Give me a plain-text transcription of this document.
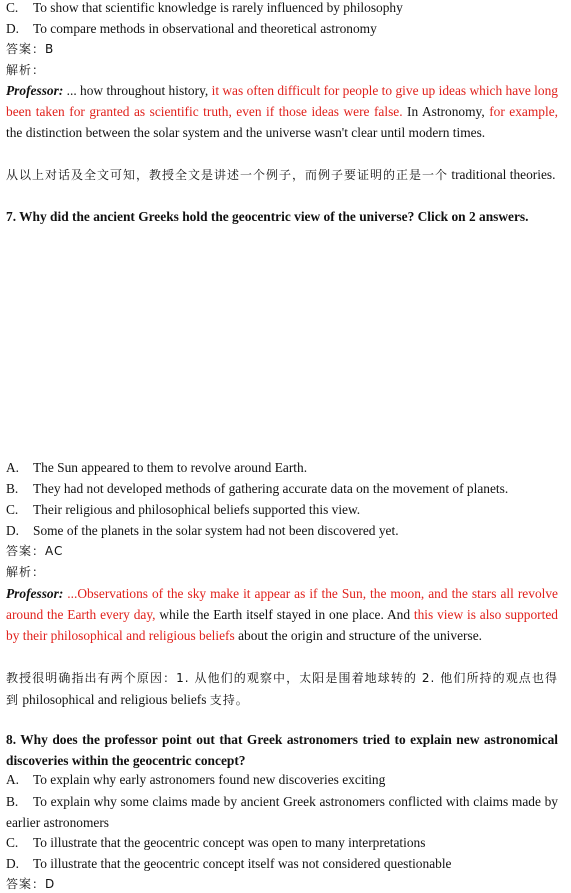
C. To show that scientific knowledge is rarely influenced by philosophy
D. To compare methods in observational and theoretical astronomy
答案：B
解析：
Professor: ... how throughout history, it was often difficult for people to give up ideas which have long been taken for granted as scientific truth, even if those ideas were false. In Astronomy, for example, the distinction between the solar system and the universe wasn't clear until modern times.
从以上对话及全文可知，教授全文是讲述一个例子，而例子要证明的正是一个 traditional theories.
7. Why did the ancient Greeks hold the geocentric view of the universe? Click on 2 answers.
A. The Sun appeared to them to revolve around Earth.
B. They had not developed methods of gathering accurate data on the movement of planets.
C. Their religious and philosophical beliefs supported this view.
D. Some of the planets in the solar system had not been discovered yet.
答案：AC
解析：
Professor: ...Observations of the sky make it appear as if the Sun, the moon, and the stars all revolve around the Earth every day, while the Earth itself stayed in one place. And this view is also supported by their philosophical and religious beliefs about the origin and structure of the universe.
教授很明确指出有两个原因：1. 从他们的观察中，太阳是围着地球转的 2. 他们所持的观点也得到 philosophical and religious beliefs 支持。
8. Why does the professor point out that Greek astronomers tried to explain new astronomical discoveries within the geocentric concept?
A. To explain why early astronomers found new discoveries exciting
B. To explain why some claims made by ancient Greek astronomers conflicted with claims made by earlier astronomers
C. To illustrate that the geocentric concept was open to many interpretations
D. To illustrate that the geocentric concept itself was not considered questionable
答案：D
